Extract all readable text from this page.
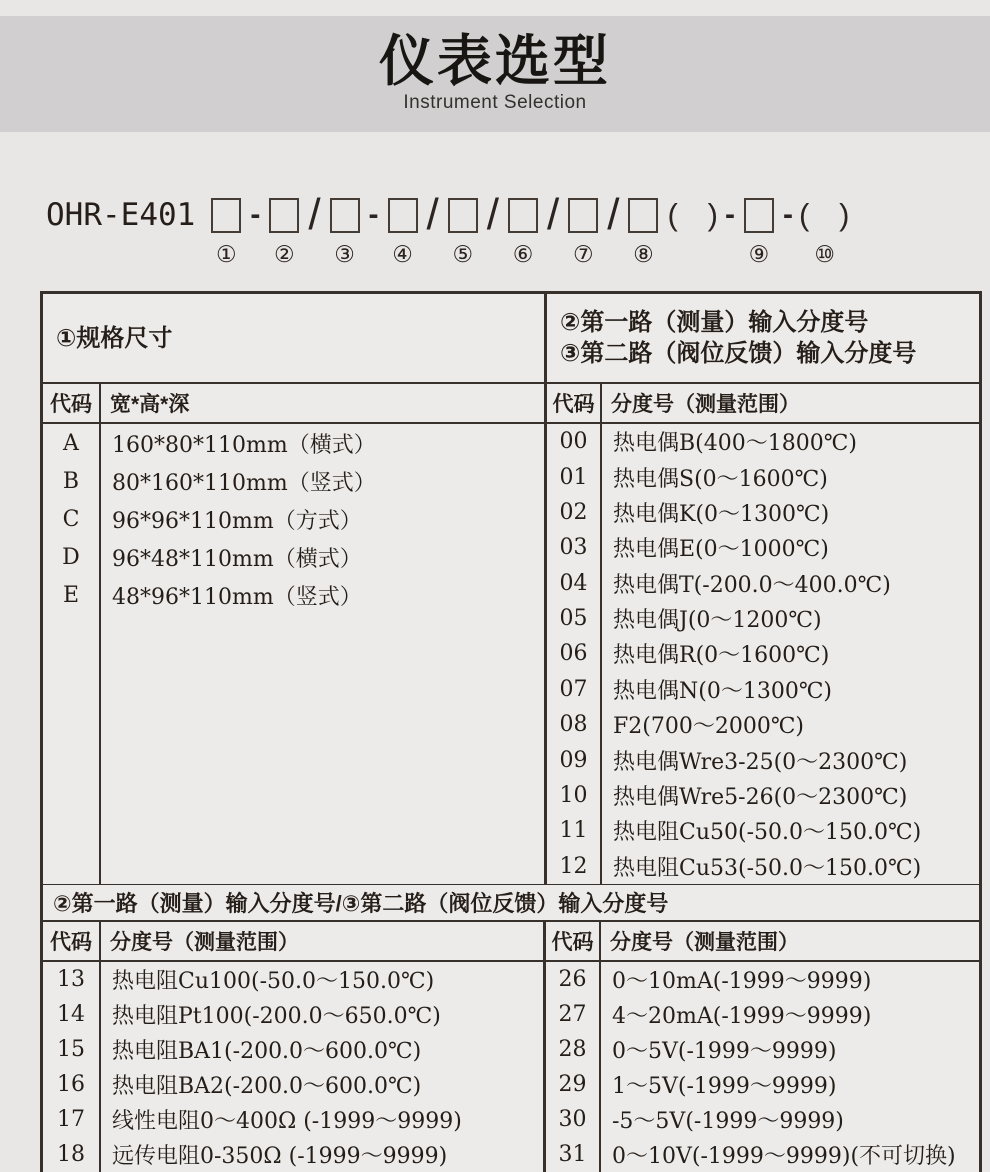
仪表选型
Instrument Selection
OHR-E401
①
-
②
/
③
-
④
/
⑤
/
⑥
/
⑦
/
⑧
(   ) -
⑨
- (   )
⑩
①规格尺寸
代码 宽*高*深
A
B
C
D
E
160*80*110mm（横式）
80*160*110mm（竖式）
96*96*110mm（方式）
96*48*110mm（横式）
48*96*110mm（竖式）
②第一路（测量）输入分度号
③第二路（阀位反馈）输入分度号
代码 分度号（测量范围）
00
01
02
03
04
05
06
07
08
09
10
11
12
热电偶B(400～1800℃)
热电偶S(0～1600℃)
热电偶K(0～1300℃)
热电偶E(0～1000℃)
热电偶T(-200.0～400.0℃)
热电偶J(0～1200℃)
热电偶R(0～1600℃)
热电偶N(0～1300℃)
F2(700～2000℃)
热电偶Wre3-25(0～2300℃)
热电偶Wre5-26(0～2300℃)
热电阻Cu50(-50.0～150.0℃)
热电阻Cu53(-50.0～150.0℃)
②第一路（测量）输入分度号/③第二路（阀位反馈）输入分度号
代码 分度号（测量范围）
13
14
15
16
17
18
热电阻Cu100(-50.0～150.0℃)
热电阻Pt100(-200.0～650.0℃)
热电阻BA1(-200.0～600.0℃)
热电阻BA2(-200.0～600.0℃)
线性电阻0～400Ω (-1999～9999)
远传电阻0-350Ω (-1999～9999)
代码 分度号（测量范围）
26
27
28
29
30
31
0～10mA(-1999～9999)
4～20mA(-1999～9999)
0～5V(-1999～9999)
1～5V(-1999～9999)
-5～5V(-1999～9999)
0～10V(-1999～9999)(不可切换)
